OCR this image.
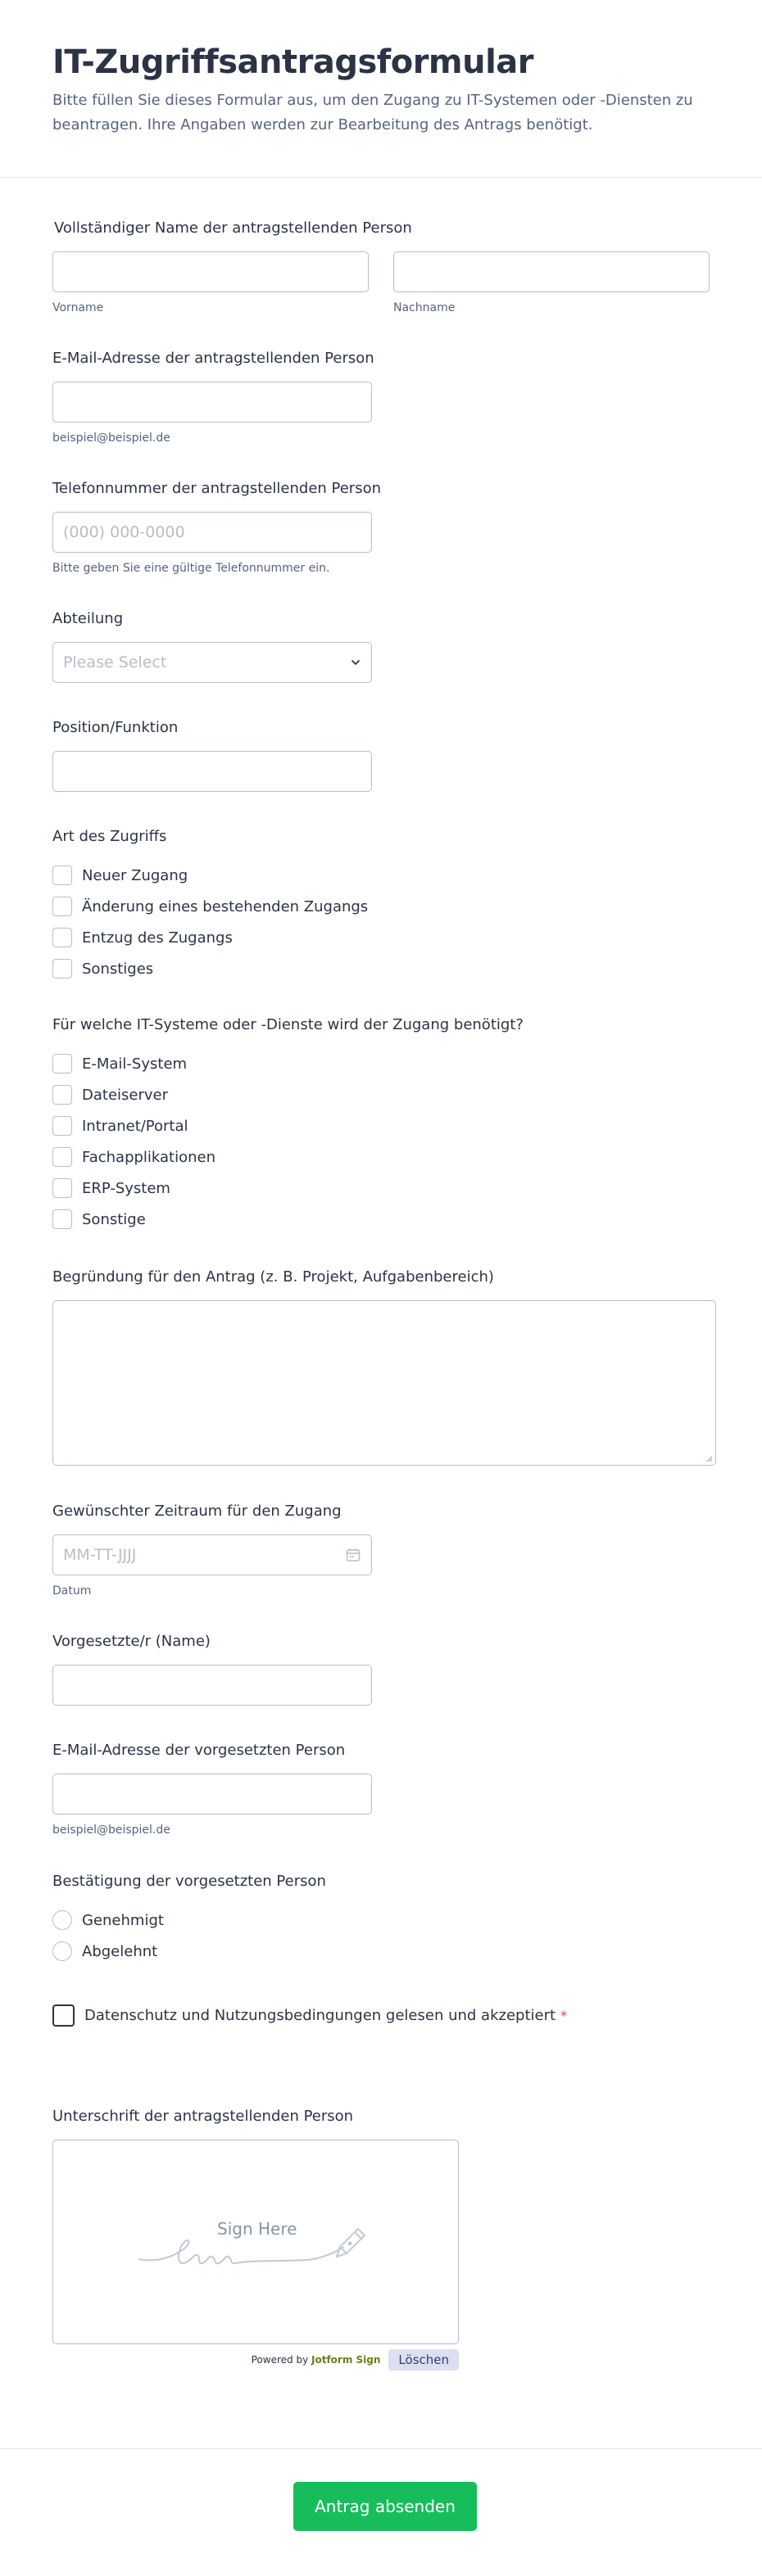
IT-Zugriffsantragsformular

Bitte füllen Sie dieses Formular aus, um den Zugang zu IT-Systemen oder -Diensten zu beantragen. Ihre Angaben werden zur Bearbeitung des Antrags benötigt.

Vollständiger Name der antragstellenden Person
Vorname	Nachname
E-Mail-Adresse der antragstellenden Person
beispiel@beispiel.de
Telefonnummer der antragstellenden Person
(000) 000-0000
Bitte geben Sie eine gültige Telefonnummer ein.
Abteilung
Please Select
Position/Funktion
Art des Zugriffs
Neuer Zugang
Änderung eines bestehenden Zugangs
Entzug des Zugangs
Sonstiges
Für welche IT-Systeme oder -Dienste wird der Zugang benötigt?
E-Mail-System
Dateiserver
Intranet/Portal
Fachapplikationen
ERP-System
Sonstige
Begründung für den Antrag (z. B. Projekt, Aufgabenbereich)
Gewünschter Zeitraum für den Zugang
MM-TT-JJJJ
Datum
Vorgesetzte/r (Name)
E-Mail-Adresse der vorgesetzten Person
beispiel@beispiel.de
Bestätigung der vorgesetzten Person
Genehmigt
Abgelehnt
Datenschutz und Nutzungsbedingungen gelesen und akzeptiert *
Unterschrift der antragstellenden Person
Sign Here
Powered by Jotform Sign	Löschen
Antrag absenden
